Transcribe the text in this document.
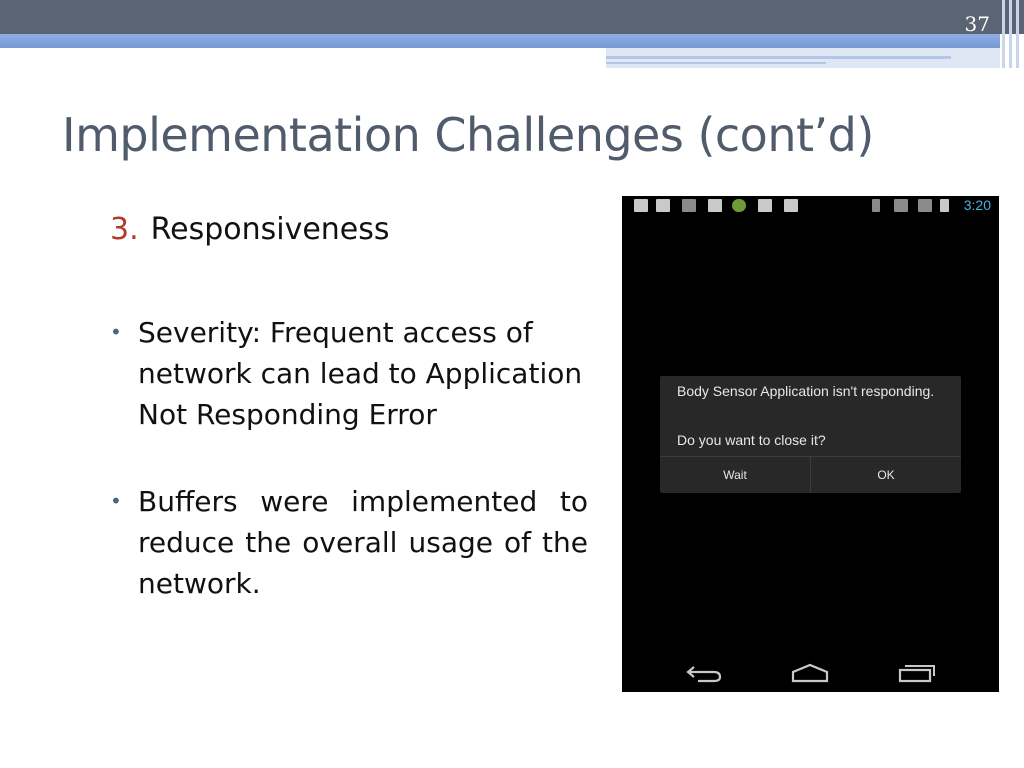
37
Implementation Challenges (cont’d)
3. Responsiveness
• Severity: Frequent access of network can lead to Application Not Responding Error
• Buffers were implemented to reduce the overall usage of the network.
3:20
Body Sensor Application isn't responding.
Do you want to close it?
Wait	OK
